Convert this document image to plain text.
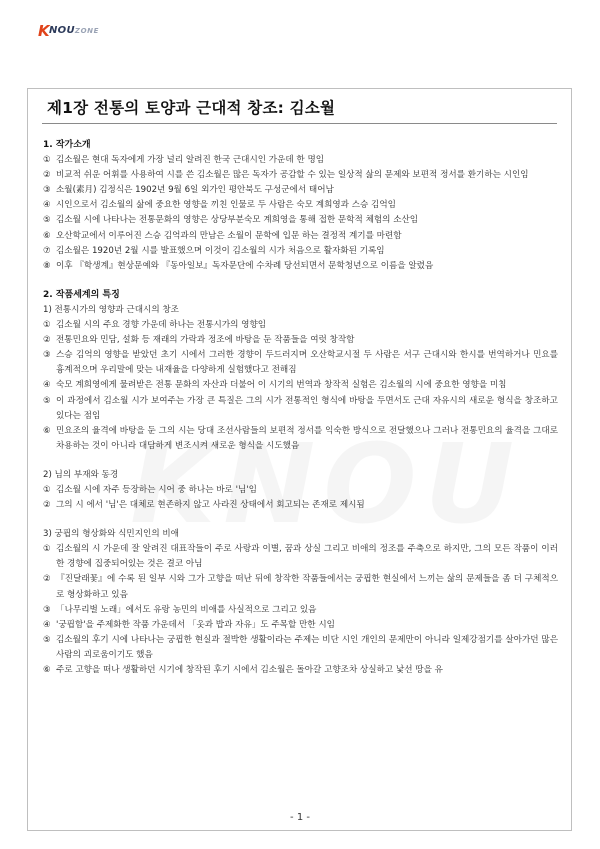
K NOUZONE
제1장 전통의 토양과 근대적 창조: 김소월
1. 작가소개
① 김소월은 현대 독자에게 가장 널리 알려진 한국 근대시인 가운데 한 명임
② 비교적 쉬운 어휘를 사용하여 시를 쓴 김소월은 많은 독자가 공감할 수 있는 일상적 삶의 문제와 보편적 정서를 환기하는 시인임
③ 소월(素月) 김정식은 1902년 9월 6일 외가인 평안북도 구성군에서 태어남
④ 시인으로서 김소월의 삶에 중요한 영향을 끼친 인물로 두 사람은 숙모 계희영과 스승 김억임
⑤ 김소월 시에 나타나는 전통문화의 영향은 상당부분숙모 계희영을 통해 접한 문학적 체험의 소산임
⑥ 오산학교에서 이루어진 스승 김억과의 만남은 소월이 문학에 입문 하는 결정적 계기를 마련함
⑦ 김소월은 1920년 2월 시를 발표했으며 이것이 김소월의 시가 처음으로 활자화된 기록임
⑧ 이후 『학생계』현상문예와 『동아일보』독자문단에 수차례 당선되면서 문학청년으로 이름을 알렸음
2. 작품세계의 특징
1) 전통시가의 영향과 근대시의 창조
① 김소월 시의 주요 경향 가운데 하나는 전통시가의 영향임
② 전통민요와 민담, 설화 등 재래의 가락과 정조에 바탕을 둔 작품들을 여럿 창작함
③ 스승 김억의 영향을 받았던 초기 시에서 그러한 경향이 두드러지며 오산학교시절 두 사람은 서구 근대시와 한시를 번역하거나 민요를 흉계적으며 우리말에 맞는 내재율을 다양하게 실험했다고 전해짐
④ 숙모 계희영에게 물려받은 전통 문화의 자산과 더불어 이 시기의 번역과 창작적 실험은 김소월의 시에 중요한 영향을 미침
⑤ 이 과정에서 김소월 시가 보여주는 가장 큰 특질은 그의 시가 전통적인 형식에 바탕을 두면서도 근대 자유시의 새로운 형식을 창조하고 있다는 점임
⑥ 민요조의 율격에 바탕을 둔 그의 시는 당대 조선사람들의 보편적 정서를 익숙한 방식으로 전달했으나 그러나 전통민요의 율격을 그대로 차용하는 것이 아니라 대담하게 변조시켜 새로운 형식을 시도했음
2) 님의 부재와 동경
① 김소월 시에 자주 등장하는 시어 중 하나는 바로 '님'임
② 그의 시 에서 '님'은 대체로 현존하지 않고 사라진 상태에서 회고되는 존재로 제시됨
3) 궁핍의 형상화와 식민지인의 비애
① 김소월의 시 가운데 잘 알려진 대표작들이 주로 사랑과 이별, 꿈과 상실 그리고 비애의 정조를 주축으로 하지만, 그의 모든 작품이 이러한 경향에 집중되어있는 것은 결코 아님
② 『진달래꽃』에 수록 된 일부 시와 그가 고향을 떠난 뒤에 창작한 작품들에서는 궁핍한 현실에서 느끼는 삶의 문제들을 좀 더 구체적으로 형상화하고 있음
③ 「나무리벌 노래」에서도 유랑 농민의 비애를 사실적으로 그리고 있음
④ '궁핍함'을 주제화한 작품 가운데서 「옷과 밥과 자유」도 주목할 만한 시임
⑤ 김소월의 후기 시에 나타나는 궁핍한 현실과 절박한 생활이라는 주제는 비단 시인 개인의 문제만이 아니라 일제강점기를 살아가던 많은 사람의 괴로움이기도 했음
⑥ 주로 고향을 떠나 생활하던 시기에 창작된 후기 시에서 김소월은 돌아갈 고향조차 상실하고 낯선 땅을 유
- 1 -
